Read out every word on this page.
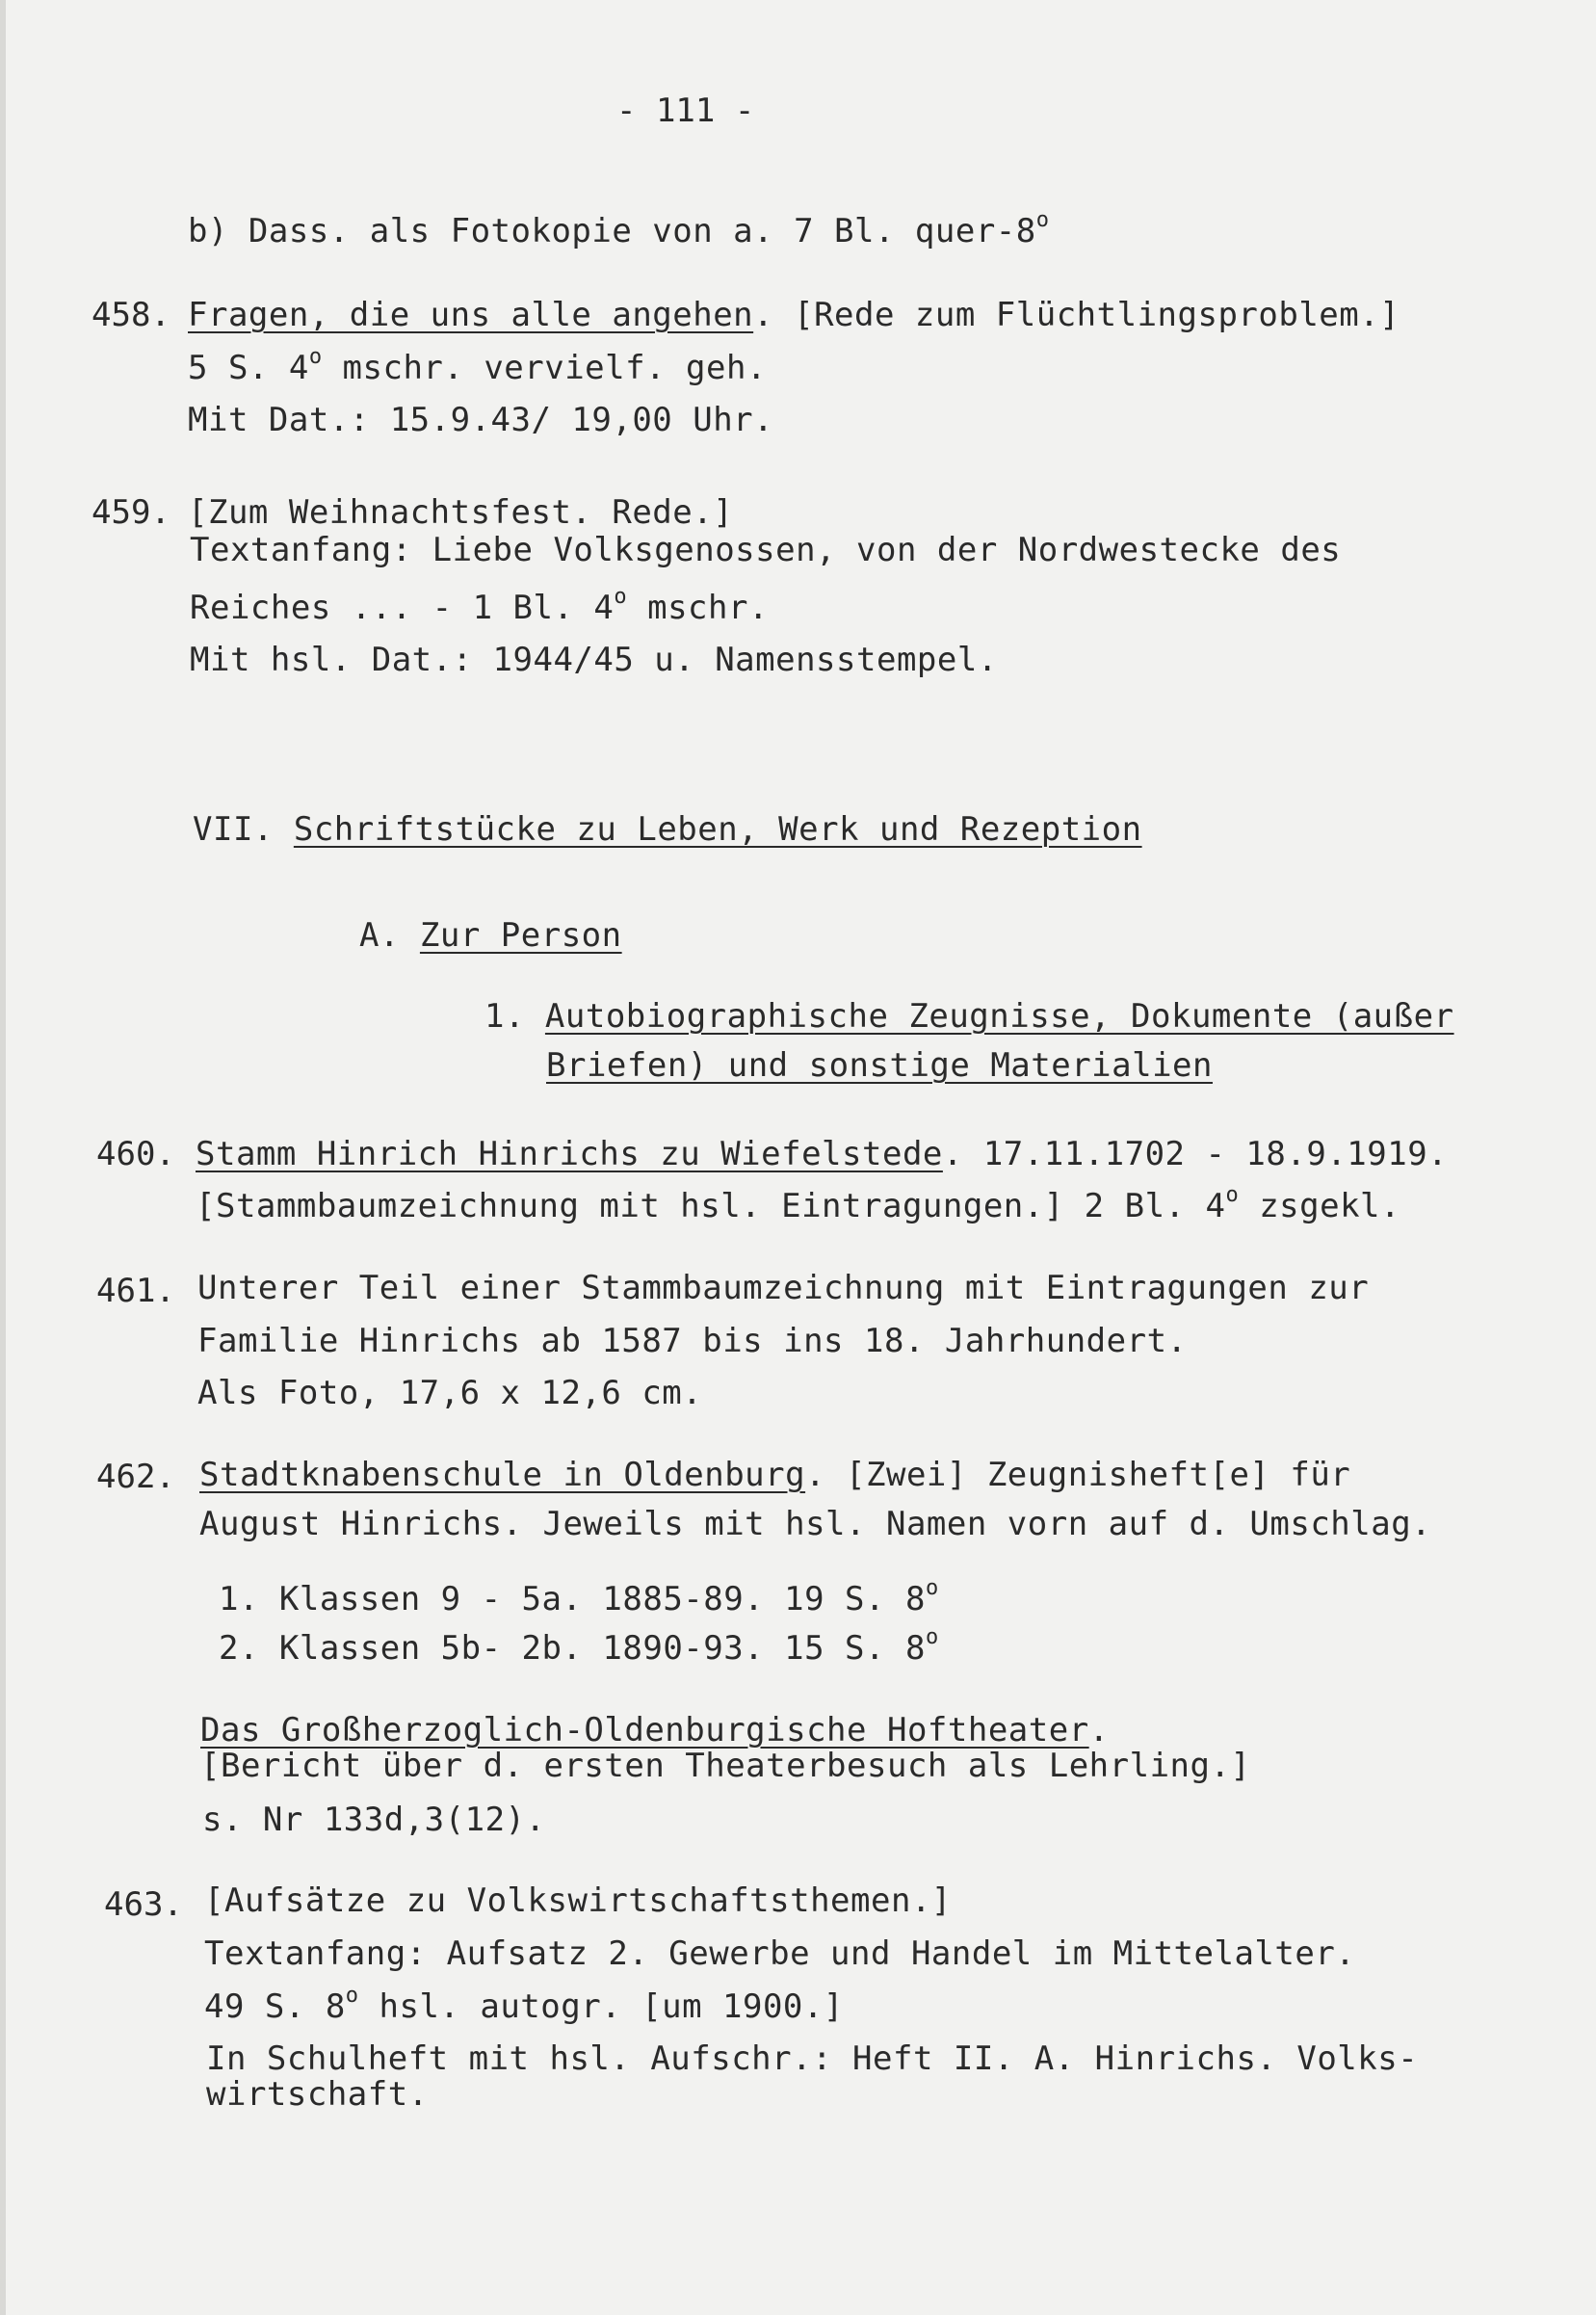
- 111 -
b) Dass. als Fotokopie von a. 7 Bl. quer-8$^o$
458. Fragen, die uns alle angehen. [Rede zum Flüchtlingsproblem.]
5 S. 4$^o$ mschr. vervielf. geh.
Mit Dat.: 15.9.43/ 19,00 Uhr.
459. [Zum Weihnachtsfest. Rede.]
Textanfang: Liebe Volksgenossen, von der Nordwestecke des
Reiches ... - 1 Bl. 4$^o$ mschr.
Mit hsl. Dat.: 1944/45 u. Namensstempel.
VII. Schriftstücke zu Leben, Werk und Rezeption
A. Zur Person
1. Autobiographische Zeugnisse, Dokumente (außer
Briefen) und sonstige Materialien
460. Stamm Hinrich Hinrichs zu Wiefelstede. 17.11.1702 - 18.9.1919.
[Stammbaumzeichnung mit hsl. Eintragungen.] 2 Bl. 4$^o$ zsgekl.
461. Unterer Teil einer Stammbaumzeichnung mit Eintragungen zur
Familie Hinrichs ab 1587 bis ins 18. Jahrhundert.
Als Foto, 17,6 x 12,6 cm.
462. Stadtknabenschule in Oldenburg. [Zwei] Zeugnisheft[e] für
August Hinrichs. Jeweils mit hsl. Namen vorn auf d. Umschlag.
1. Klassen 9 - 5a. 1885-89. 19 S. 8$^o$
2. Klassen 5b- 2b. 1890-93. 15 S. 8$^o$
Das Großherzoglich-Oldenburgische Hoftheater.
[Bericht über d. ersten Theaterbesuch als Lehrling.]
s. Nr 133d,3(12).
463. [Aufsätze zu Volkswirtschaftsthemen.]
Textanfang: Aufsatz 2. Gewerbe und Handel im Mittelalter.
49 S. 8$^o$ hsl. autogr. [um 1900.]
In Schulheft mit hsl. Aufschr.: Heft II. A. Hinrichs. Volks-
wirtschaft.
